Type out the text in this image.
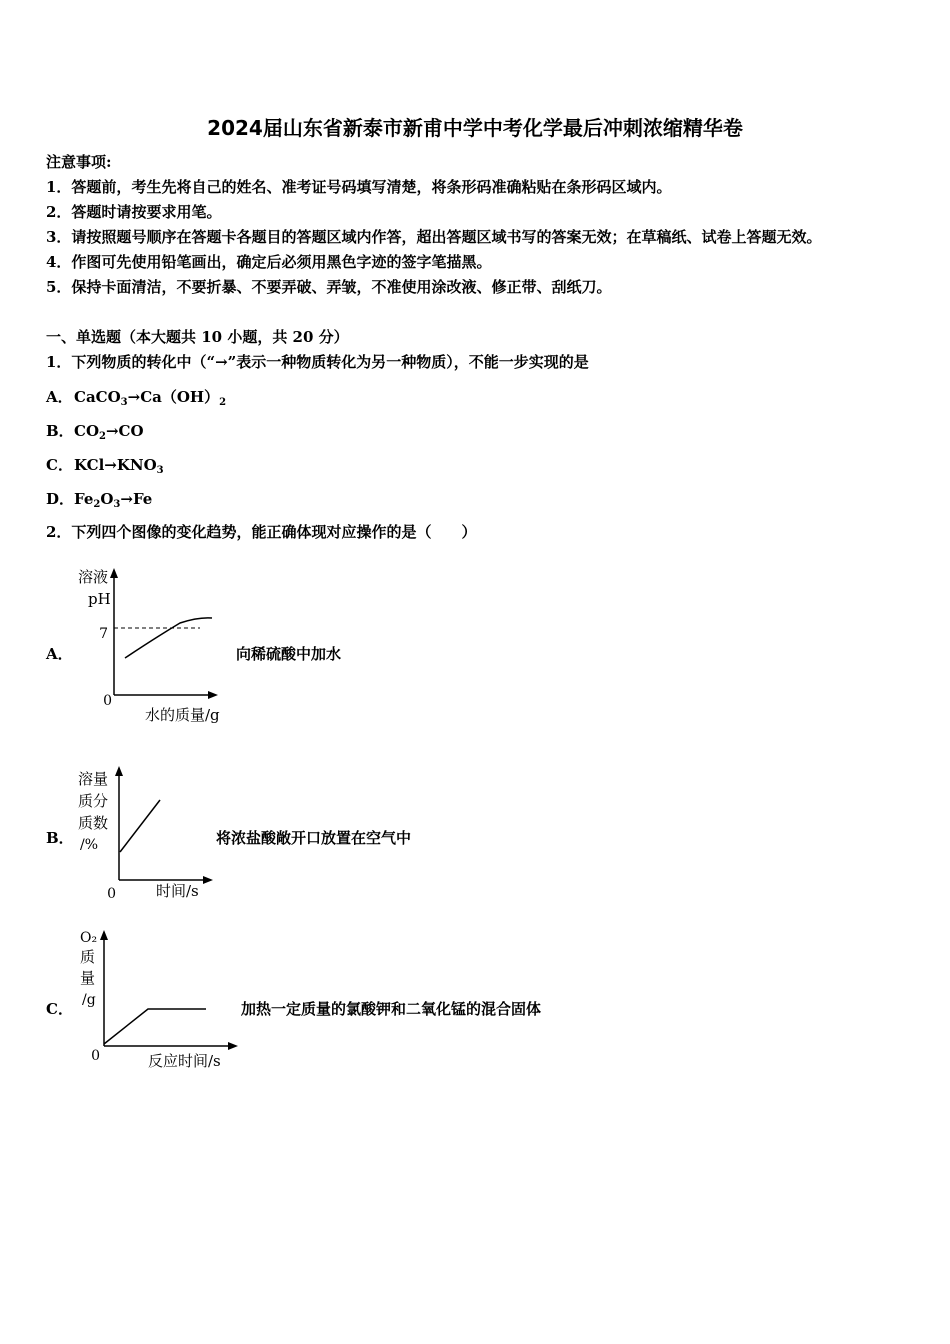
2024届山东省新泰市新甫中学中考化学最后冲刺浓缩精华卷
注意事项:
1．答题前，考生先将自己的姓名、准考证号码填写清楚，将条形码准确粘贴在条形码区域内。
2．答题时请按要求用笔。
3．请按照题号顺序在答题卡各题目的答题区域内作答，超出答题区域书写的答案无效；在草稿纸、试卷上答题无效。
4．作图可先使用铅笔画出，确定后必须用黑色字迹的签字笔描黑。
5．保持卡面清洁，不要折暴、不要弄破、弄皱，不准使用涂改液、修正带、刮纸刀。
一、单选题（本大题共 10 小题，共 20 分）
1．下列物质的转化中（“→”表示一种物质转化为另一种物质），不能一步实现的是
A．$CaCO_3\to Ca(OH)_2$
B．$CO_2\to CO$
C．$KCl\to KNO_3$
D．$Fe_2O_3\to Fe$
2．下列四个图像的变化趋势，能正确体现对应操作的是（　　）
A．
溶液
pH
7
0
水的质量/g
向稀硫酸中加水
B．
溶量
质分
质数
/%
0	时间/s
将浓盐酸敞开口放置在空气中
C．
O₂
质
量
/g
0	反应时间/s
加热一定质量的氯酸钾和二氧化锰的混合固体
